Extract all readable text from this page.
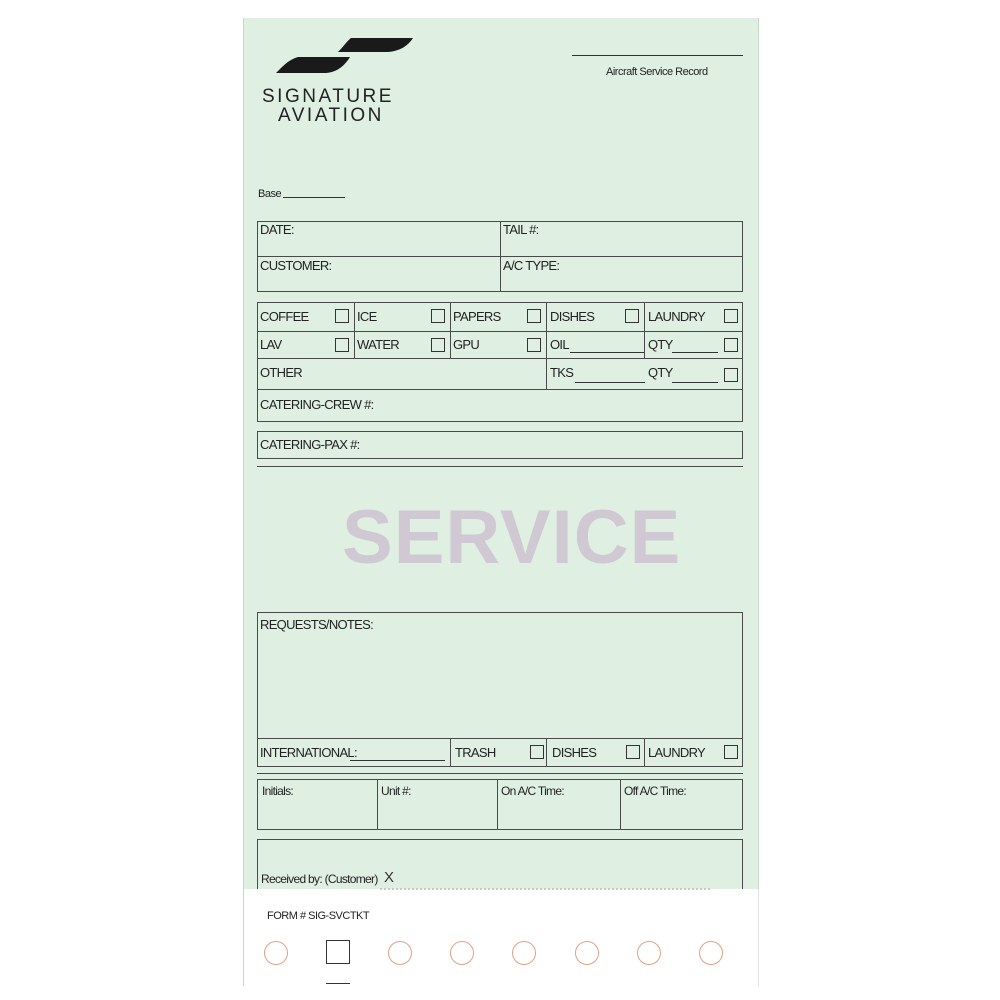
SIGNATURE
AVIATION
Aircraft Service Record
Base
DATE:	TAIL #:
CUSTOMER:	A/C TYPE:
COFFEE	ICE	PAPERS	DISHES	LAUNDRY
LAV	WATER	GPU	OIL	QTY
OTHER	TKS	QTY
CATERING-CREW #:
CATERING-PAX #:
SERVICE
REQUESTS/NOTES:
INTERNATIONAL:	TRASH	DISHES	LAUNDRY
Initials:	Unit #:	On A/C Time:	Off A/C Time:
Received by: (Customer) X
FORM # SIG-SVCTKT
